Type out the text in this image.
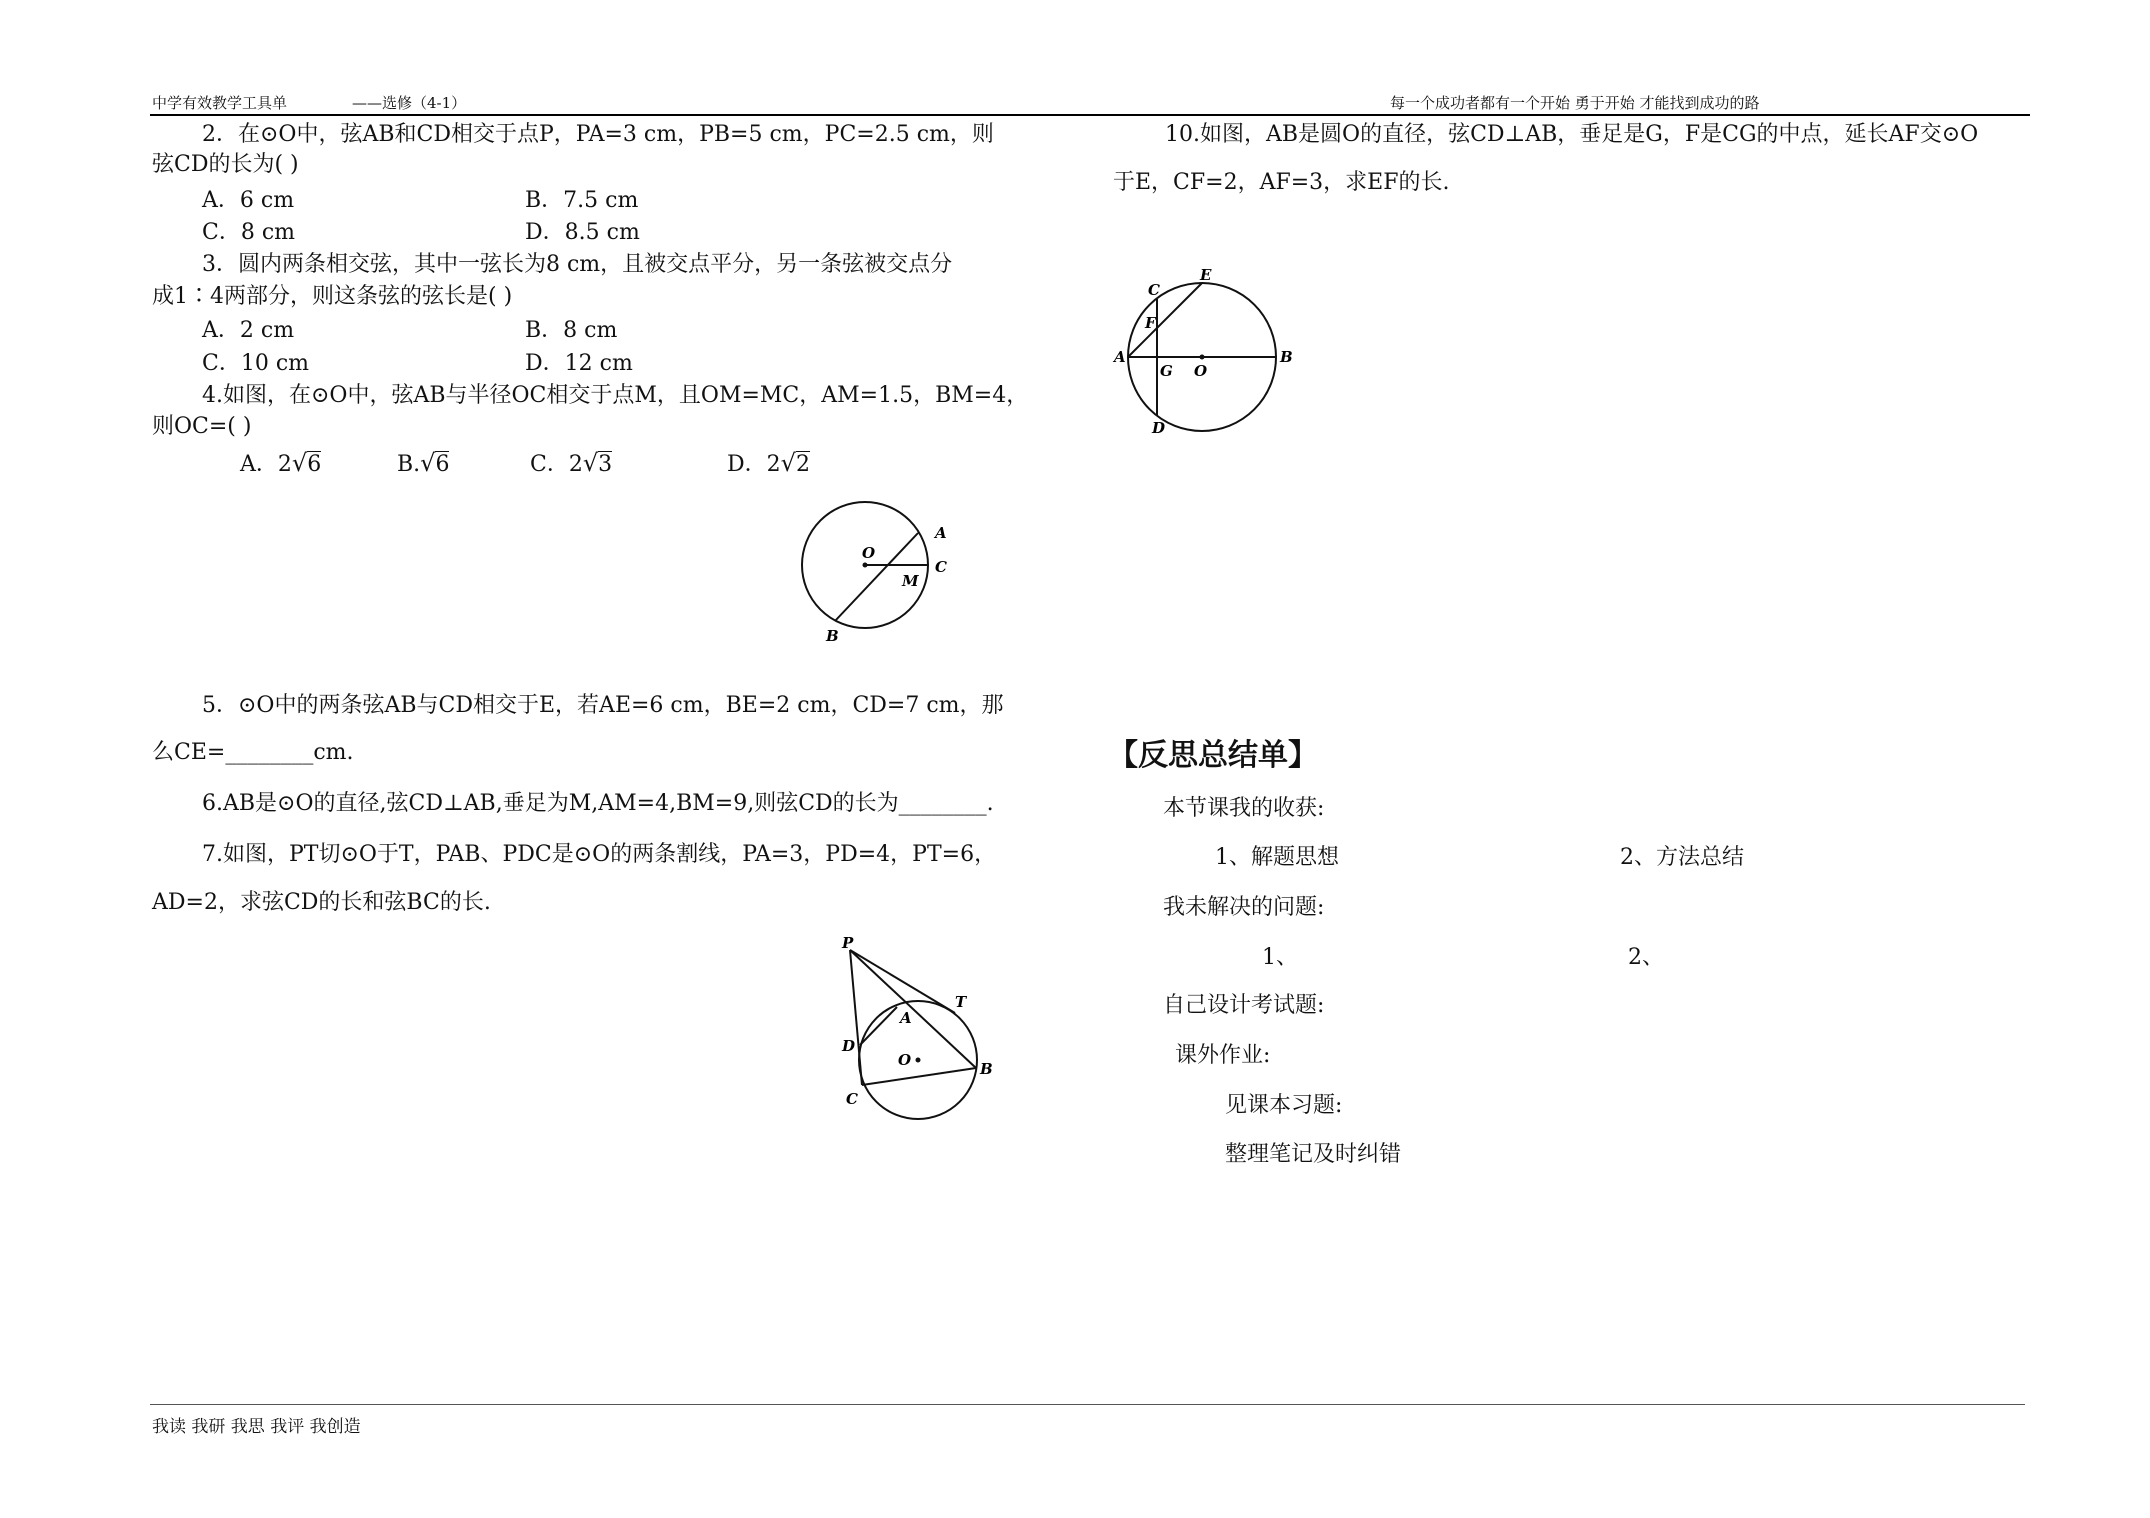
中学有效教学工具单	——选修（4-1）	每一个成功者都有一个开始 勇于开始 才能找到成功的路
2．在⊙O中，弦AB和CD相交于点P，PA=3 cm，PB=5 cm，PC=2.5 cm，则
弦CD的长为( )
A．6 cm	B．7.5 cm
C．8 cm	D．8.5 cm
3．圆内两条相交弦，其中一弦长为8 cm，且被交点平分，另一条弦被交点分
成1∶4两部分，则这条弦的弦长是( )
A．2 cm	B．8 cm
C．10 cm	D．12 cm
4.如图，在⊙O中，弦AB与半径OC相交于点M，且OM=MC，AM=1.5，BM=4，
则OC=( )
A．2√6	B.√6	C．2√3	D．2√2
O
A
C
M
B
5．⊙O中的两条弦AB与CD相交于E，若AE=6 cm，BE=2 cm，CD=7 cm，那
么CE=________cm.
6.AB是⊙O的直径,弦CD⊥AB,垂足为M,AM=4,BM=9,则弦CD的长为________.
7.如图，PT切⊙O于T，PAB、PDC是⊙O的两条割线，PA=3，PD=4，PT=6，
AD=2，求弦CD的长和弦BC的长.
P
T
A
D
O	B
C
10.如图，AB是圆O的直径，弦CD⊥AB，垂足是G，F是CG的中点，延长AF交⊙O
于E，CF=2，AF=3，求EF的长.
C
E
F
A
G O
B
D
【反思总结单】
本节课我的收获:
1、解题思想	2、方法总结
我未解决的问题:
1、	2、
自己设计考试题:
课外作业:
见课本习题:
整理笔记及时纠错
我读 我研 我思 我评 我创造
